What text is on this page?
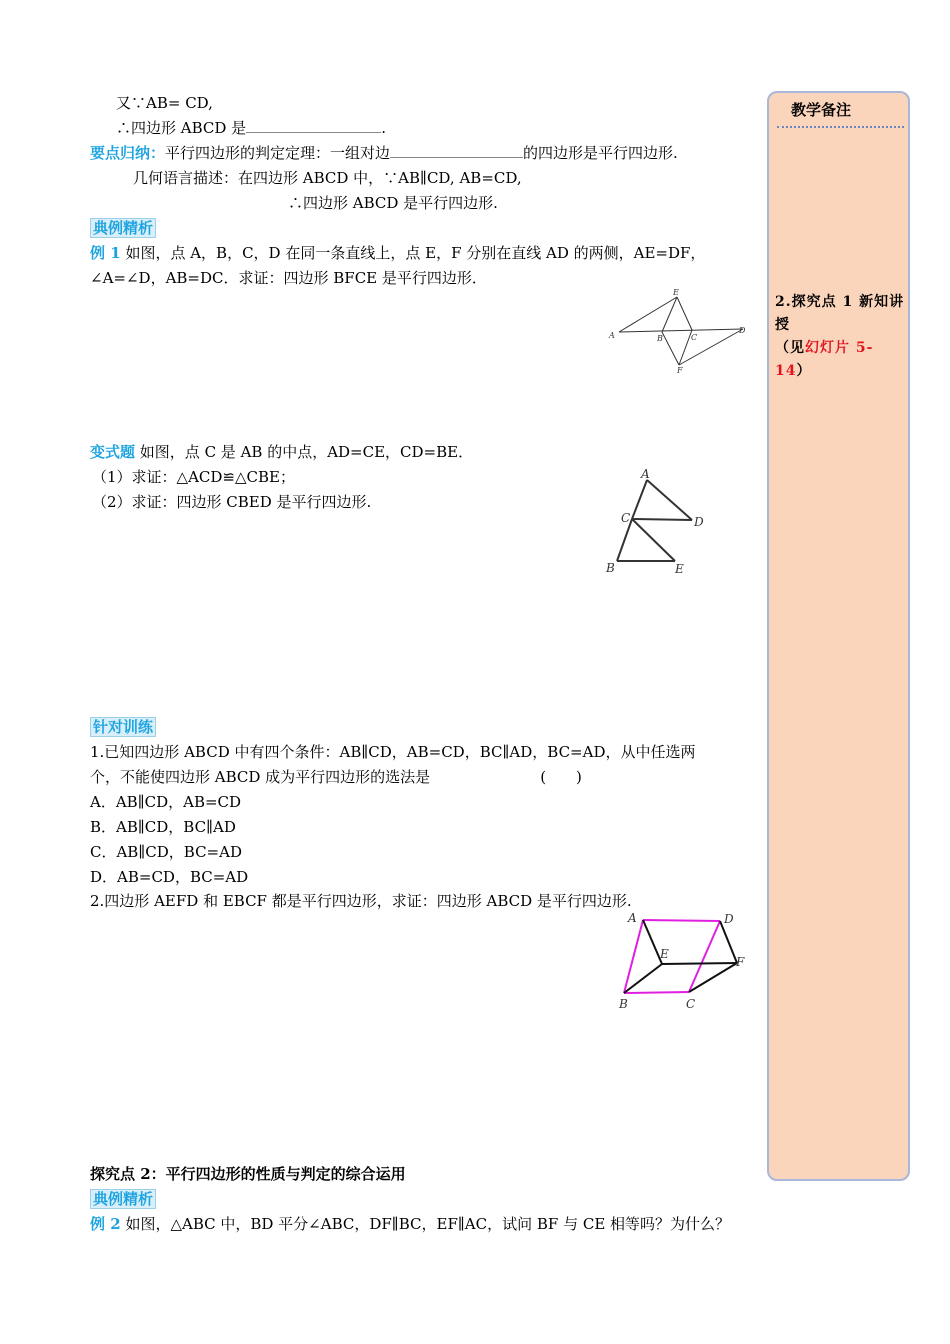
又∵AB= CD,
∴四边形 ABCD 是	.
要点归纳：平行四边形的判定定理：一组对边	的四边形是平行四边形.
几何语言描述：在四边形 ABCD 中，∵AB∥CD, AB=CD,
∴四边形 ABCD 是平行四边形.
典例精析
例 1 如图，点 A，B，C，D 在同一条直线上，点 E，F 分别在直线 AD 的两侧，AE=DF，
∠A=∠D，AB=DC．求证：四边形 BFCE 是平行四边形．
A	B	C
D
E
F
变式题 如图，点 C 是 AB 的中点，AD=CE，CD=BE．
（1）求证：△ACD≌△CBE；
（2）求证：四边形 CBED 是平行四边形.
A
B
C	D
E
针对训练
1.已知四边形 ABCD 中有四个条件：AB∥CD，AB=CD，BC∥AD，BC=AD，从中任选两
个，不能使四边形 ABCD 成为平行四边形的选法是	(　　)
A．AB∥CD，AB=CD
B．AB∥CD，BC∥AD
C．AB∥CD，BC=AD
D．AB=CD，BC=AD
2.四边形 AEFD 和 EBCF 都是平行四边形，求证：四边形 ABCD 是平行四边形.
A	D
E
F
B	C
探究点 2：平行四边形的性质与判定的综合运用
典例精析
例 2 如图，△ABC 中，BD 平分∠ABC，DF∥BC，EF∥AC，试问 BF 与 CE 相等吗？为什么？
教学备注
2.探究点 1 新知讲授
（见幻灯片 5-14）
